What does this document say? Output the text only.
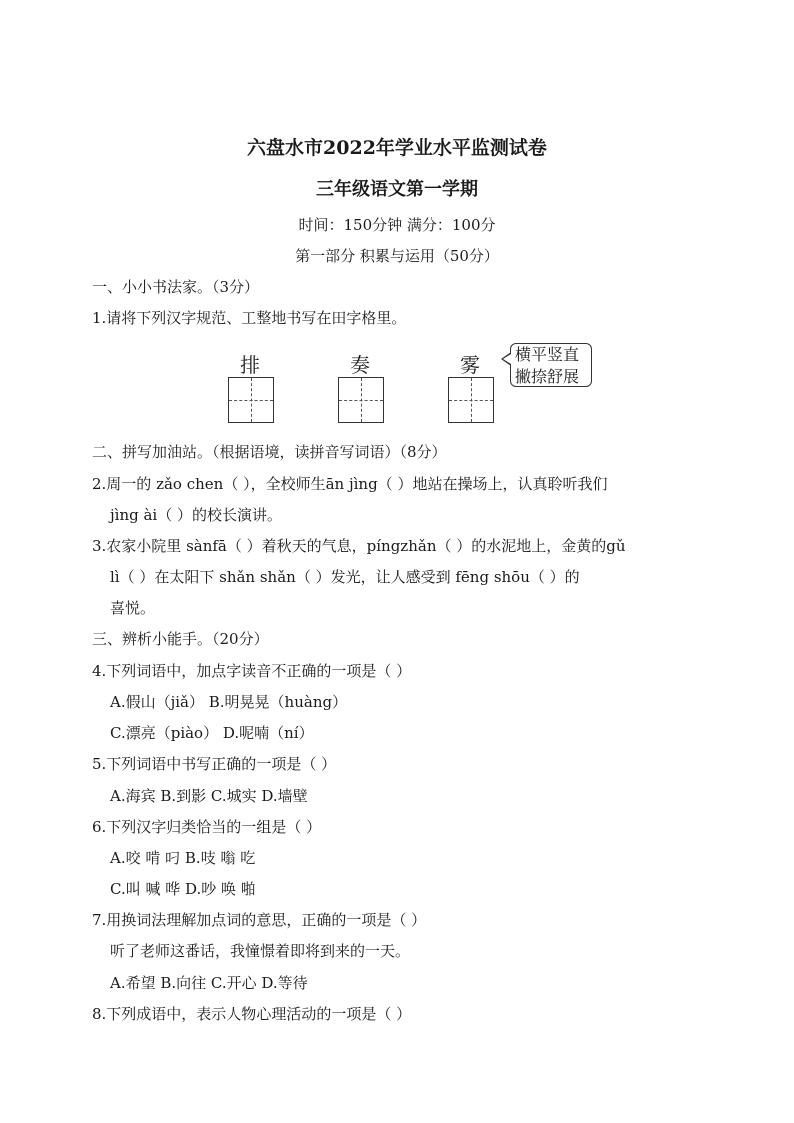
六盘水市2022年学业水平监测试卷
三年级语文第一学期
时间：150分钟 满分：100分
第一部分 积累与运用（50分）
一、小小书法家。（3分）
1.请将下列汉字规范、工整地书写在田字格里。
排	奏	雾	横平竖直
撇捺舒展
二、拼写加油站。（根据语境，读拼音写词语）（8分）
2.周一的 zǎo chen（ ），全校师生ān jìng（ ）地站在操场上，认真聆听我们
jìng ài（ ）的校长演讲。
3.农家小院里 sànfā（ ）着秋天的气息，píngzhǎn（ ）的水泥地上，金黄的gǔ
lì（ ）在太阳下 shǎn shǎn（ ）发光，让人感受到 fēng shōu（ ）的
喜悦。
三、辨析小能手。（20分）
4.下列词语中，加点字读音不正确的一项是（ ）
A.假山（jiǎ） B.明晃晃（huàng）
C.漂亮（piào） D.呢喃（ní）
5.下列词语中书写正确的一项是（ ）
A.海宾 B.到影 C.城实 D.墙壁
6.下列汉字归类恰当的一组是（ ）
A.咬 啃 叼 B.吱 嗡 吃
C.叫 喊 哗 D.吵 唤 啪
7.用换词法理解加点词的意思，正确的一项是（ ）
听了老师这番话，我憧憬着即将到来的一天。
A.希望 B.向往 C.开心 D.等待
8.下列成语中，表示人物心理活动的一项是（ ）
